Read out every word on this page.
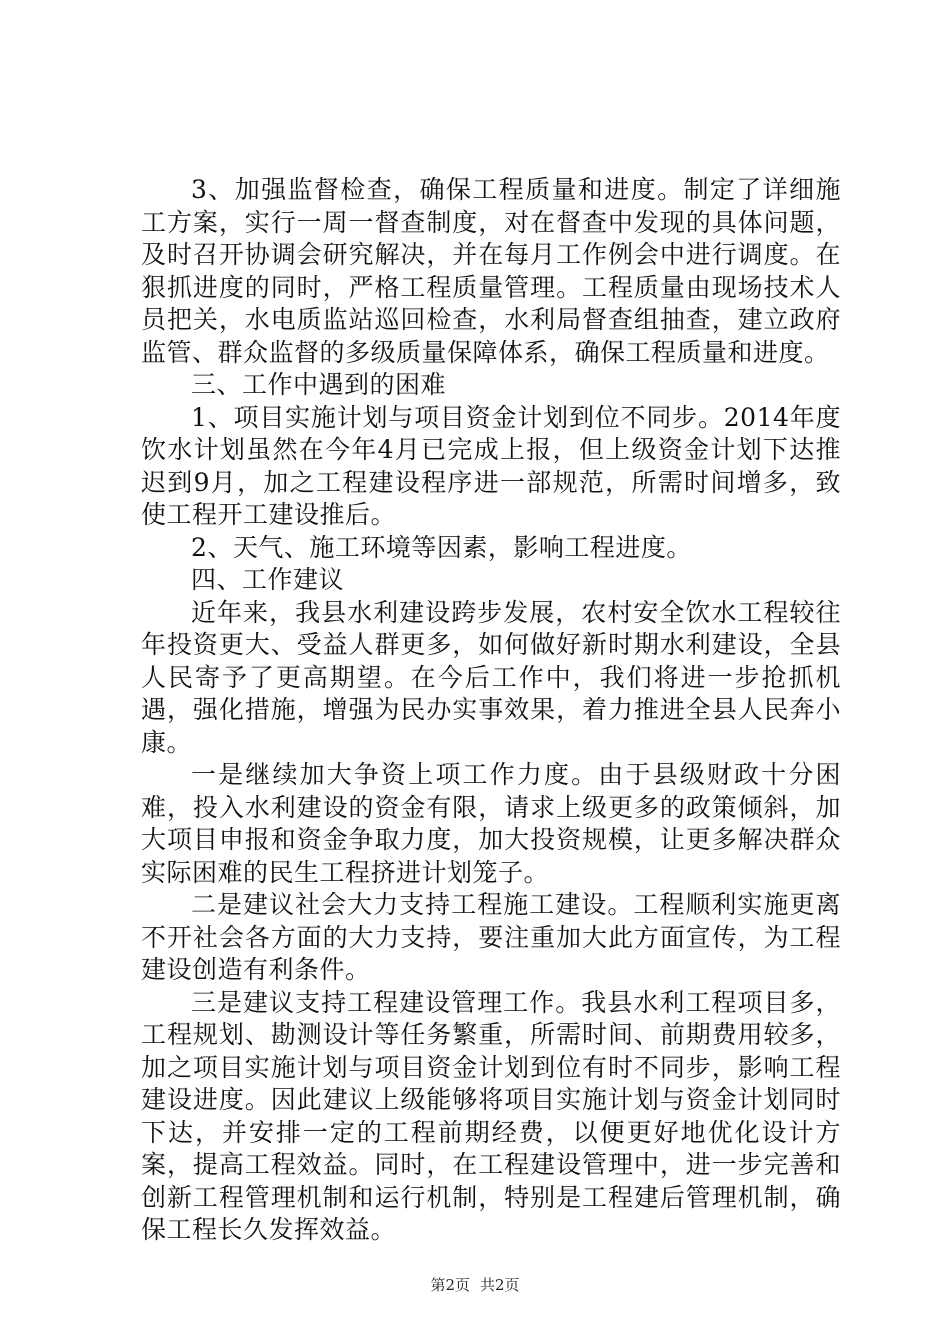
3、加强监督检查，确保工程质量和进度。制定了详细施工方案，实行一周一督查制度，对在督查中发现的具体问题，及时召开协调会研究解决，并在每月工作例会中进行调度。在狠抓进度的同时，严格工程质量管理。工程质量由现场技术人员把关，水电质监站巡回检查，水利局督查组抽查，建立政府监管、群众监督的多级质量保障体系，确保工程质量和进度。

三、工作中遇到的困难

1、项目实施计划与项目资金计划到位不同步。2014年度饮水计划虽然在今年4月已完成上报，但上级资金计划下达推迟到9月，加之工程建设程序进一部规范，所需时间增多，致使工程开工建设推后。

2、天气、施工环境等因素，影响工程进度。

四、工作建议

近年来，我县水利建设跨步发展，农村安全饮水工程较往年投资更大、受益人群更多，如何做好新时期水利建设，全县人民寄予了更高期望。在今后工作中，我们将进一步抢抓机遇，强化措施，增强为民办实事效果，着力推进全县人民奔小康。

一是继续加大争资上项工作力度。由于县级财政十分困难，投入水利建设的资金有限，请求上级更多的政策倾斜，加大项目申报和资金争取力度，加大投资规模，让更多解决群众实际困难的民生工程挤进计划笼子。

二是建议社会大力支持工程施工建设。工程顺利实施更离不开社会各方面的大力支持，要注重加大此方面宣传，为工程建设创造有利条件。

三是建议支持工程建设管理工作。我县水利工程项目多，工程规划、勘测设计等任务繁重，所需时间、前期费用较多，加之项目实施计划与项目资金计划到位有时不同步，影响工程建设进度。因此建议上级能够将项目实施计划与资金计划同时下达，并安排一定的工程前期经费，以便更好地优化设计方案，提高工程效益。同时，在工程建设管理中，进一步完善和创新工程管理机制和运行机制，特别是工程建后管理机制，确保工程长久发挥效益。

第2页 共2页
